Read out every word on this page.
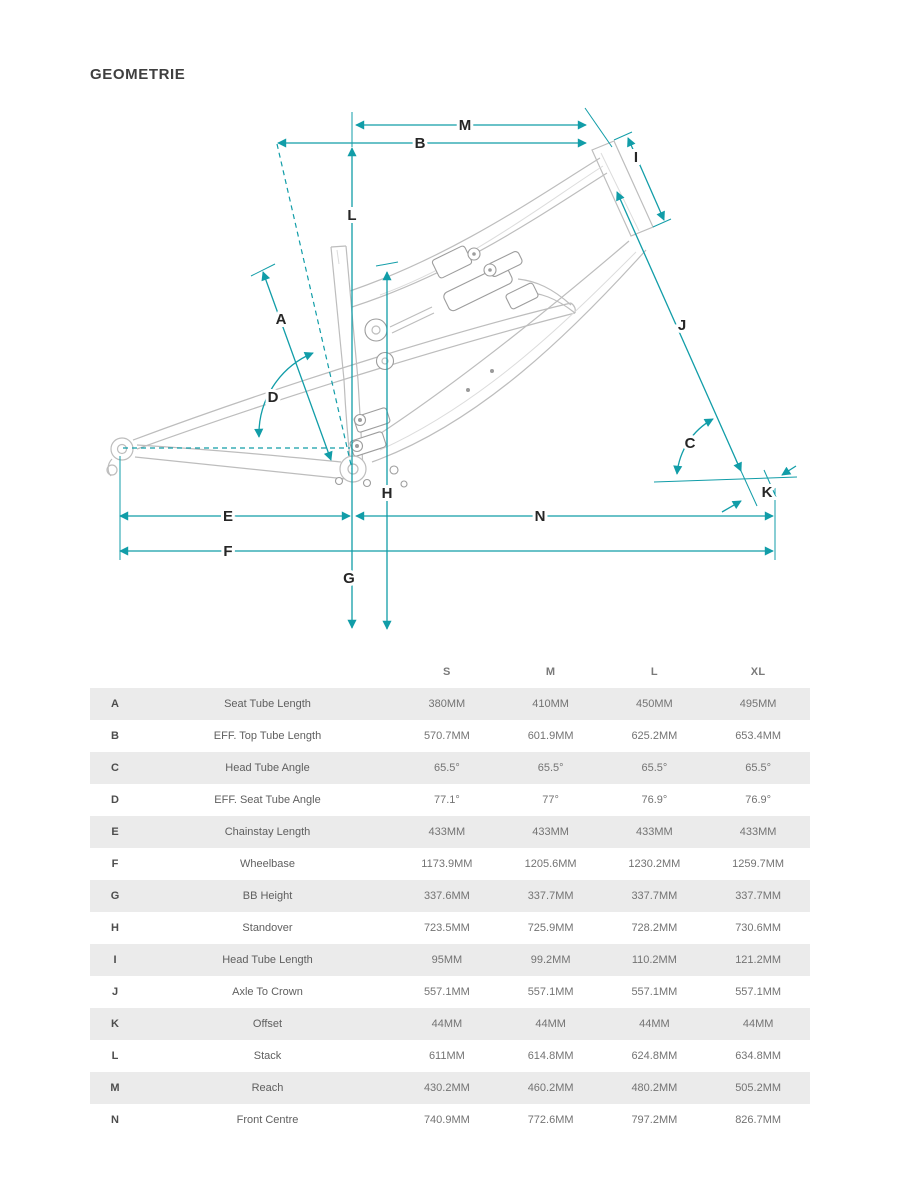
GEOMETRIE
M
B
I
L
A
D
J
C
K
H
E	N
F
G
S	M	L	XL
A	Seat Tube Length	380MM	410MM	450MM	495MM
B	EFF. Top Tube Length	570.7MM	601.9MM	625.2MM	653.4MM
C	Head Tube Angle	65.5°	65.5°	65.5°	65.5°
D	EFF. Seat Tube Angle	77.1°	77°	76.9°	76.9°
E	Chainstay Length	433MM	433MM	433MM	433MM
F	Wheelbase	1173.9MM	1205.6MM	1230.2MM	1259.7MM
G	BB Height	337.6MM	337.7MM	337.7MM	337.7MM
H	Standover	723.5MM	725.9MM	728.2MM	730.6MM
I	Head Tube Length	95MM	99.2MM	110.2MM	121.2MM
J	Axle To Crown	557.1MM	557.1MM	557.1MM	557.1MM
K	Offset	44MM	44MM	44MM	44MM
L	Stack	611MM	614.8MM	624.8MM	634.8MM
M	Reach	430.2MM	460.2MM	480.2MM	505.2MM
N	Front Centre	740.9MM	772.6MM	797.2MM	826.7MM
